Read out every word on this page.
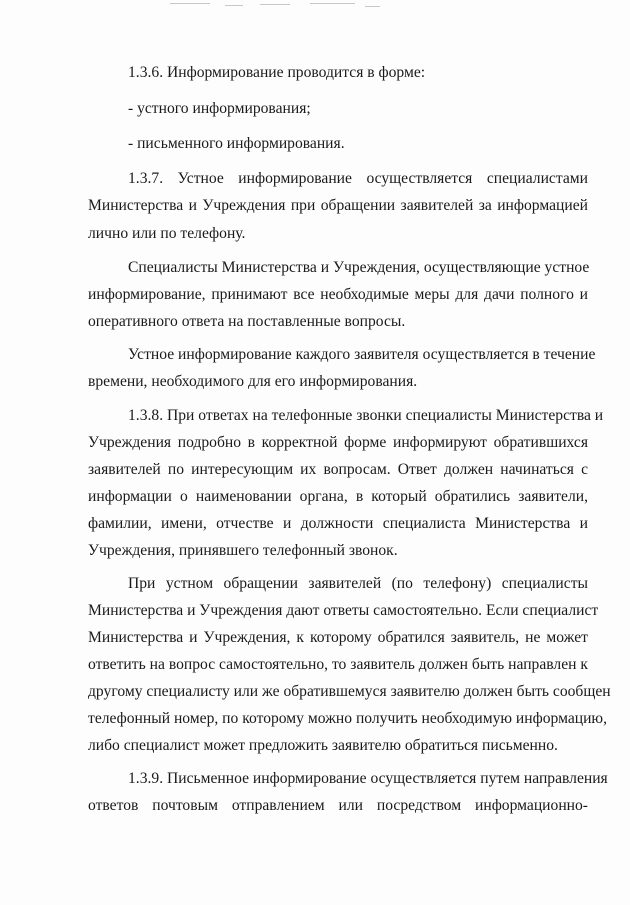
1.3.6. Информирование проводится в форме:
- устного информирования;
- письменного информирования.
1.3.7. Устное информирование осуществляется специалистами
Министерства и Учреждения при обращении заявителей за информацией
лично или по телефону.
Специалисты Министерства и Учреждения, осуществляющие устное
информирование, принимают все необходимые меры для дачи полного и
оперативного ответа на поставленные вопросы.
Устное информирование каждого заявителя осуществляется в течение
времени, необходимого для его информирования.
1.3.8. При ответах на телефонные звонки специалисты Министерства и
Учреждения подробно в корректной форме информируют обратившихся
заявителей по интересующим их вопросам. Ответ должен начинаться с
информации о наименовании органа, в который обратились заявители,
фамилии, имени, отчестве и должности специалиста Министерства и
Учреждения, принявшего телефонный звонок.
При устном обращении заявителей (по телефону) специалисты
Министерства и Учреждения дают ответы самостоятельно. Если специалист
Министерства и Учреждения, к которому обратился заявитель, не может
ответить на вопрос самостоятельно, то заявитель должен быть направлен к
другому специалисту или же обратившемуся заявителю должен быть сообщен
телефонный номер, по которому можно получить необходимую информацию,
либо специалист может предложить заявителю обратиться письменно.
1.3.9. Письменное информирование осуществляется путем направления
ответов почтовым отправлением или посредством информационно-
